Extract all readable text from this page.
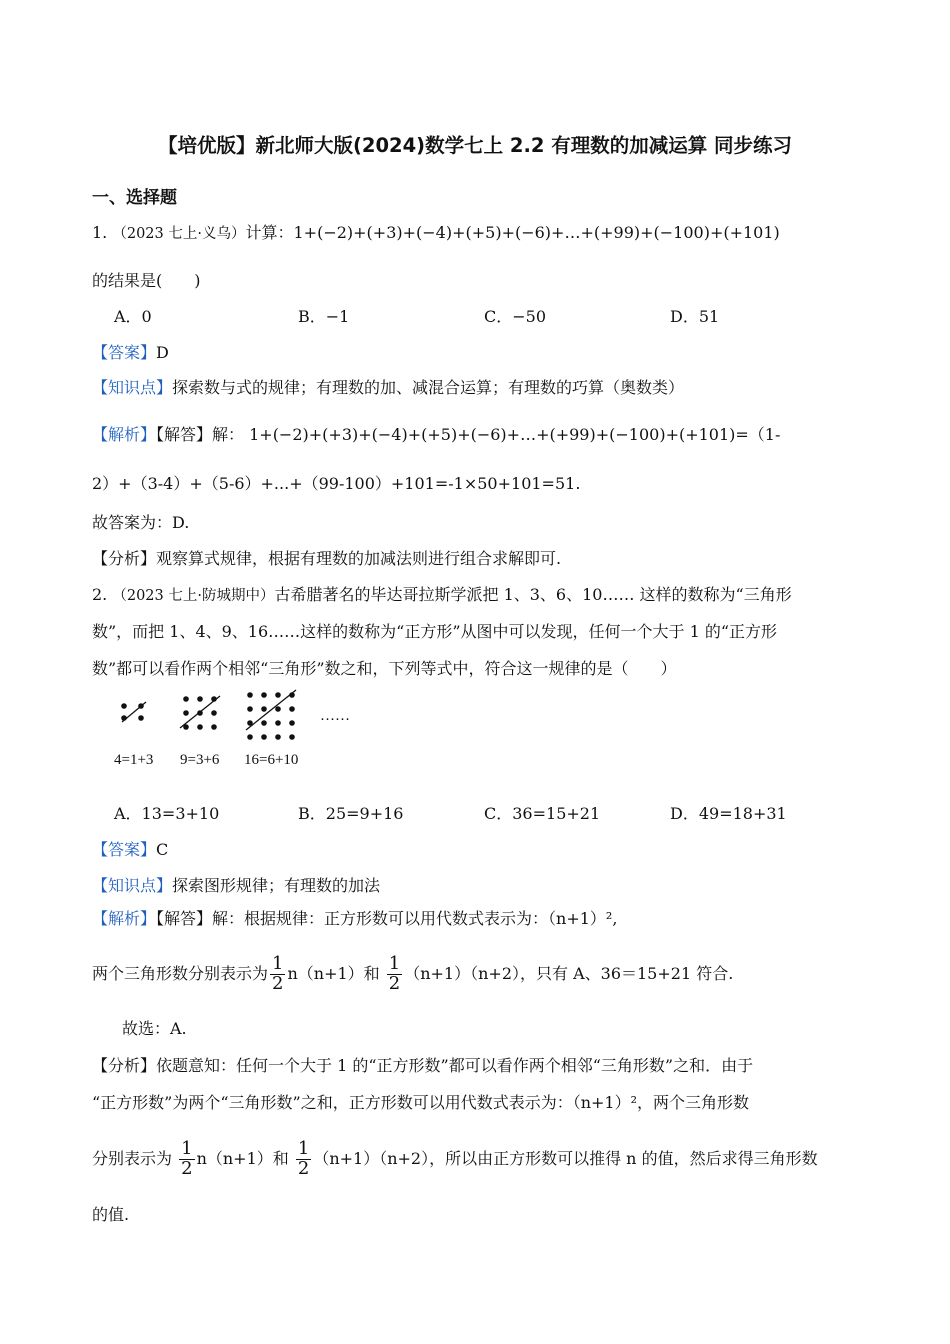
【培优版】新北师大版(2024)数学七上 2.2 有理数的加减运算 同步练习
一、选择题
1. （2023 七上·义乌）计算：1+(−2)+(+3)+(−4)+(+5)+(−6)+…+(+99)+(−100)+(+101)
的结果是(　　)
A．0	B．−1	C．−50	D．51
【答案】D
【知识点】探索数与式的规律；有理数的加、减混合运算；有理数的巧算（奥数类）
【解析】【解答】解： 1+(−2)+(+3)+(−4)+(+5)+(−6)+…+(+99)+(−100)+(+101)=（1-
2）+（3-4）+（5-6）+...+（99-100）+101=-1×50+101=51.
故答案为：D.
【分析】观察算式规律，根据有理数的加减法则进行组合求解即可.
2. （2023 七上·防城期中）古希腊著名的毕达哥拉斯学派把 1、3、6、10…… 这样的数称为“三角形
数”，而把 1、4、9、16……这样的数称为“正方形”从图中可以发现，任何一个大于 1 的“正方形
数”都可以看作两个相邻“三角形”数之和，下列等式中，符合这一规律的是（　　）
……
4=1+3 9=3+6 16=6+10
A．13=3+10	B．25=9+16	C．36=15+21	D．49=18+31
【答案】C
【知识点】探索图形规律；有理数的加法
【解析】【解答】解：根据规律：正方形数可以用代数式表示为：（n+1）²,
两个三角形数分别表示为 $\frac{1}{2} n(n+1)$和 $\frac{1}{2} (n+1)(n+2)$，只有 A、36＝15+21 符合.
故选：A.
【分析】依题意知：任何一个大于 1 的“正方形数”都可以看作两个相邻“三角形数”之和．由于
“正方形数”为两个“三角形数”之和，正方形数可以用代数式表示为：（n+1）²，两个三角形数
分别表示为 $\frac{1}{2} n(n+1)$和 $\frac{1}{2} (n+1)(n+2)$，所以由正方形数可以推得 n 的值，然后求得三角形数
的值.
